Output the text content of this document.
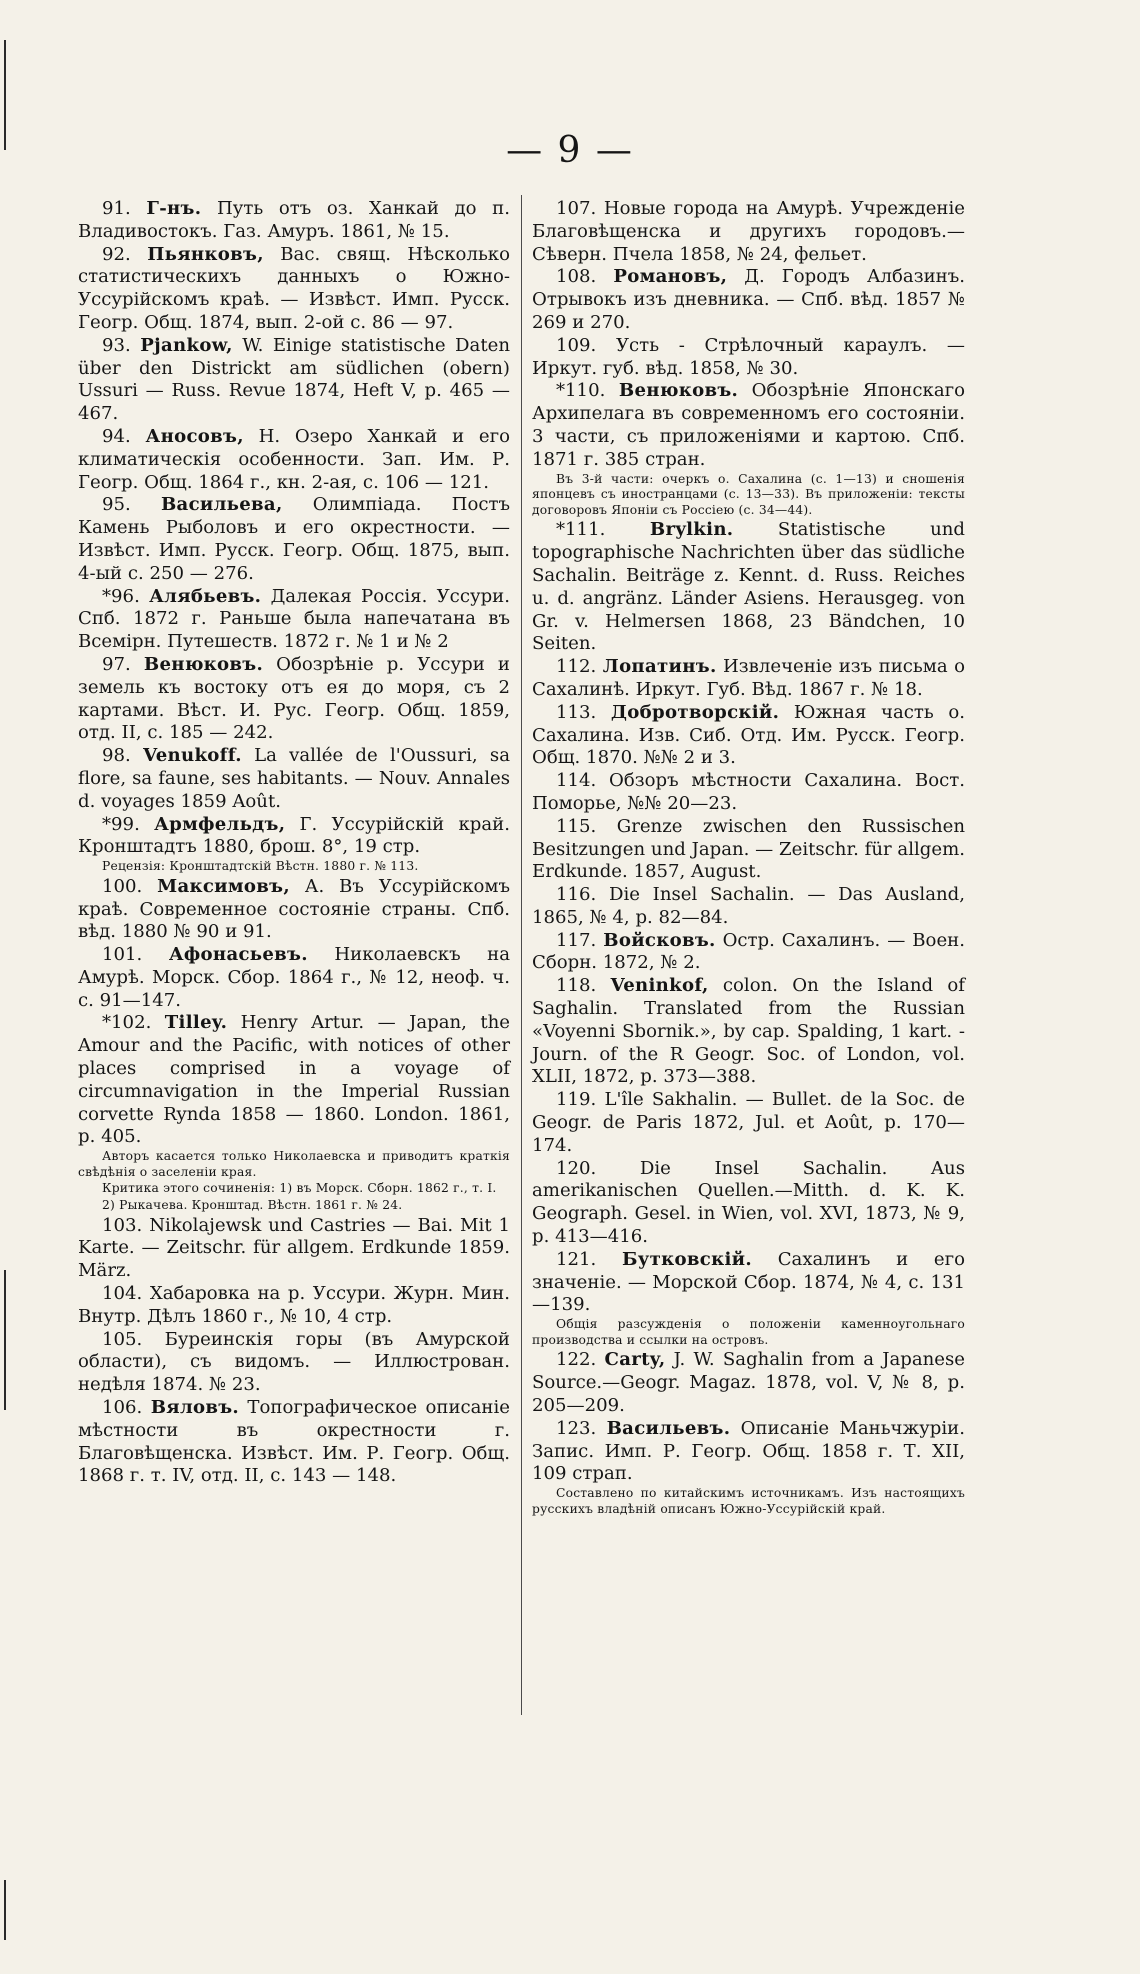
— 9 —

91. Г-нъ. Путь отъ оз. Ханкай до п. Владивостокъ. Газ. Амуръ. 1861, № 15.

92. Пьянковъ, Вас. свящ. Нѣсколько статистическихъ данныхъ о Южно-Уссурійскомъ краѣ. — Извѣст. Имп. Русск. Геогр. Общ. 1874, вып. 2-ой с. 86 — 97.

93. Pjankow, W. Einige statistische Daten über den Districkt am südlichen (obern) Ussuri — Russ. Revue 1874, Heft V, p. 465 — 467.

94. Аносовъ, Н. Озеро Ханкай и его климатическія особенности. Зап. Им. Р. Геогр. Общ. 1864 г., кн. 2-ая, с. 106 — 121.

95. Васильева, Олимпіада. Постъ Камень Рыболовъ и его окрестности. — Извѣст. Имп. Русск. Геогр. Общ. 1875, вып. 4-ый с. 250 — 276.

*96. Алябьевъ. Далекая Россія. Уссури. Спб. 1872 г. Раньше была напечатана въ Всемірн. Путешеств. 1872 г. № 1 и № 2

97. Венюковъ. Обозрѣніе р. Уссури и земель къ востоку отъ ея до моря, съ 2 картами. Вѣст. И. Рус. Геогр. Общ. 1859, отд. II, с. 185 — 242.

98. Venukoff. La vallée de l'Oussuri, sa flore, sa faune, ses habitants. — Nouv. Annales d. voyages 1859 Août.

*99. Армфельдъ, Г. Уссурійскій край. Кронштадтъ 1880, брош. 8°, 19 стр.

Рецензія: Кронштадтскій Вѣстн. 1880 г. № 113.

100. Максимовъ, А. Въ Уссурійскомъ краѣ. Современное состояніе страны. Спб. вѣд. 1880 № 90 и 91.

101. Афонасьевъ. Николаевскъ на Амурѣ. Морск. Сбор. 1864 г., № 12, неоф. ч. с. 91—147.

*102. Tilley. Henry Artur. — Japan, the Amour and the Pacific, with notices of other places comprised in a voyage of circumnavigation in the Imperial Russian corvette Rynda 1858 — 1860. London. 1861, p. 405.

Авторъ касается только Николаевска и приводитъ краткія свѣдѣнія о заселеніи края.

Критика этого сочиненія: 1) въ Морск. Сборн. 1862 г., т. I.

2) Рыкачева. Кронштад. Вѣстн. 1861 г. № 24.

103. Nikolajewsk und Castries — Bai. Mit 1 Karte. — Zeitschr. für allgem. Erdkunde 1859. März.

104. Хабаровка на р. Уссури. Журн. Мин. Внутр. Дѣлъ 1860 г., № 10, 4 стр.

105. Буреинскія горы (въ Амурской области), съ видомъ. — Иллюстрован. недѣля 1874. № 23.

106. Вяловъ. Топографическое описаніе мѣстности въ окрестности г. Благовѣщенска. Извѣст. Им. Р. Геогр. Общ. 1868 г. т. IV, отд. II, с. 143 — 148.

107. Новые города на Амурѣ. Учрежденіе Благовѣщенска и другихъ городовъ.—Сѣверн. Пчела 1858, № 24, фельет.

108. Романовъ, Д. Городъ Албазинъ. Отрывокъ изъ дневника. — Спб. вѣд. 1857 № 269 и 270.

109. Усть - Стрѣлочный караулъ. — Иркут. губ. вѣд. 1858, № 30.

*110. Венюковъ. Обозрѣніе Японскаго Архипелага въ современномъ его состояніи. 3 части, съ приложеніями и картою. Спб. 1871 г. 385 стран.

Въ 3-й части: очеркъ о. Сахалина (с. 1—13) и сношенія японцевъ съ иностранцами (с. 13—33). Въ приложеніи: тексты договоровъ Японіи съ Россіею (с. 34—44).

*111. Brylkin. Statistische und topographische Nachrichten über das südliche Sachalin. Beiträge z. Kennt. d. Russ. Reiches u. d. angränz. Länder Asiens. Herausgeg. von Gr. v. Helmersen 1868, 23 Bändchen, 10 Seiten.

112. Лопатинъ. Извлеченіе изъ письма о Сахалинѣ. Иркут. Губ. Вѣд. 1867 г. № 18.

113. Добротворскій. Южная часть о. Сахалина. Изв. Сиб. Отд. Им. Русск. Геогр. Общ. 1870. №№ 2 и 3.

114. Обзоръ мѣстности Сахалина. Вост. Поморье, №№ 20—23.

115. Grenze zwischen den Russischen Besitzungen und Japan. — Zeitschr. für allgem. Erdkunde. 1857, August.

116. Die Insel Sachalin. — Das Ausland, 1865, № 4, p. 82—84.

117. Войсковъ. Остр. Сахалинъ. — Воен. Сборн. 1872, № 2.

118. Veninkof, colon. On the Island of Saghalin. Translated from the Russian «Voyenni Sbornik.», by cap. Spalding, 1 kart. - Journ. of the R Geogr. Soc. of London, vol. XLII, 1872, p. 373—388.

119. L'île Sakhalin. — Bullet. de la Soc. de Geogr. de Paris 1872, Jul. et Août, p. 170—174.

120. Die Insel Sachalin. Aus amerikanischen Quellen.—Mitth. d. K. K. Geograph. Gesel. in Wien, vol. XVI, 1873, № 9, p. 413—416.

121. Бутковскій. Сахалинъ и его значеніе. — Морской Сбор. 1874, № 4, с. 131—139.

Общія разсужденія о положеніи каменноугольнаго производства и ссылки на островъ.

122. Carty, J. W. Saghalin from a Japanese Source.—Geogr. Magaz. 1878, vol. V, № 8, p. 205—209.

123. Васильевъ. Описаніе Маньчжуріи. Запис. Имп. Р. Геогр. Общ. 1858 г. Т. XII, 109 страп.

Составлено по китайскимъ источникамъ. Изъ настоящихъ русскихъ владѣній описанъ Южно-Уссурійскій край.
